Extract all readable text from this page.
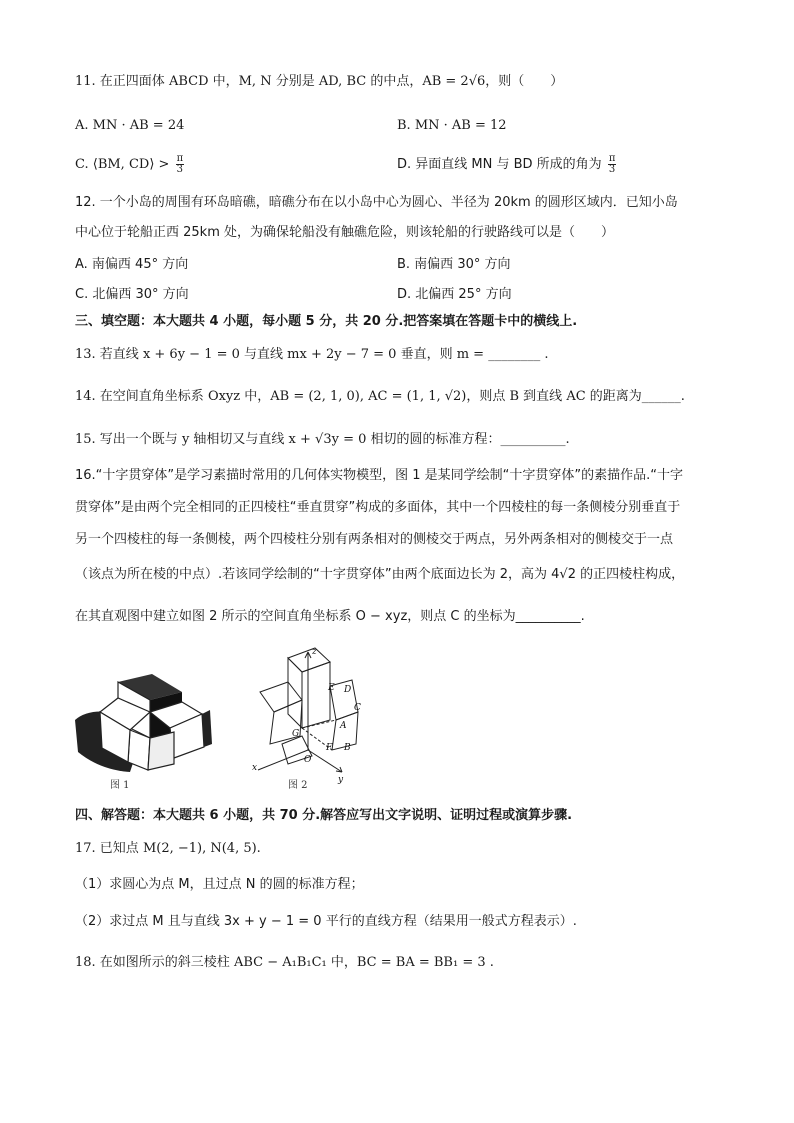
11. 在正四面体 ABCD 中，M, N 分别是 AD, BC 的中点，AB = 2√6，则（　　）
A. MN · AB = 24	B. MN · AB = 12
C. ⟨BM, CD⟩ > $\frac{\pi}{3}$	D. 异面直线 MN 与 BD 所成的角为 $\frac{\pi}{3}$
12. 一个小岛的周围有环岛暗礁，暗礁分布在以小岛中心为圆心、半径为 20km 的圆形区域内．已知小岛
中心位于轮船正西 25km 处，为确保轮船没有触礁危险，则该轮船的行驶路线可以是（　　）
A. 南偏西 45° 方向	B. 南偏西 30° 方向
C. 北偏西 30° 方向	D. 北偏西 25° 方向
三、填空题：本大题共 4 小题，每小题 5 分，共 20 分.把答案填在答题卡中的横线上.
13. 若直线 x + 6y − 1 = 0 与直线 mx + 2y − 7 = 0 垂直，则 m = ________ .
14. 在空间直角坐标系 Oxyz 中，AB = (2, 1, 0), AC = (1, 1, √2)，则点 B 到直线 AC 的距离为______.
15. 写出一个既与 y 轴相切又与直线 x + √3y = 0 相切的圆的标准方程：__________.
16.“十字贯穿体”是学习素描时常用的几何体实物模型，图 1 是某同学绘制“十字贯穿体”的素描作品.“十字
贯穿体”是由两个完全相同的正四棱柱“垂直贯穿”构成的多面体，其中一个四棱柱的每一条侧棱分别垂直于
另一个四棱柱的每一条侧棱，两个四棱柱分别有两条相对的侧棱交于两点，另外两条相对的侧棱交于一点
（该点为所在棱的中点）.若该同学绘制的“十字贯穿体”由两个底面边长为 2，高为 4√2 的正四棱柱构成，
在其直观图中建立如图 2 所示的空间直角坐标系 O − xyz，则点 C 的坐标为__________.
图 1
z
E D
C
A
G
F B
O
x
y
图 2
四、解答题：本大题共 6 小题，共 70 分.解答应写出文字说明、证明过程或演算步骤.
17. 已知点 M(2, −1), N(4, 5).
（1）求圆心为点 M，且过点 N 的圆的标准方程；
（2）求过点 M 且与直线 3x + y − 1 = 0 平行的直线方程（结果用一般式方程表示）.
18. 在如图所示的斜三棱柱 ABC − A₁B₁C₁ 中，BC = BA = BB₁ = 3 .
